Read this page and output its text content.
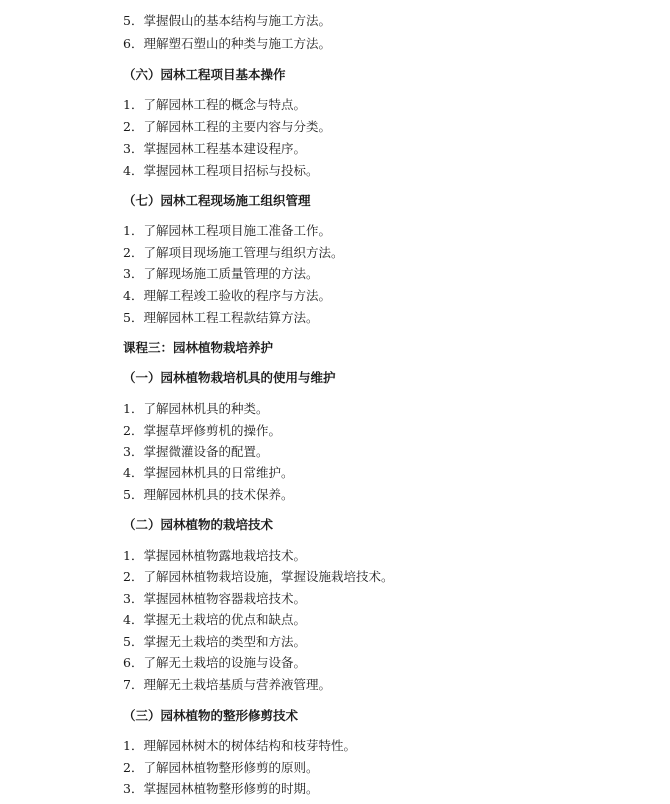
5．掌握假山的基本结构与施工方法。
6．理解塑石塑山的种类与施工方法。
（六）园林工程项目基本操作
1．了解园林工程的概念与特点。
2．了解园林工程的主要内容与分类。
3．掌握园林工程基本建设程序。
4．掌握园林工程项目招标与投标。
（七）园林工程现场施工组织管理
1．了解园林工程项目施工准备工作。
2．了解项目现场施工管理与组织方法。
3．了解现场施工质量管理的方法。
4．理解工程竣工验收的程序与方法。
5．理解园林工程工程款结算方法。
课程三：园林植物栽培养护
（一）园林植物栽培机具的使用与维护
1．了解园林机具的种类。
2．掌握草坪修剪机的操作。
3．掌握微灌设备的配置。
4．掌握园林机具的日常维护。
5．理解园林机具的技术保养。
（二）园林植物的栽培技术
1．掌握园林植物露地栽培技术。
2．了解园林植物栽培设施，掌握设施栽培技术。
3．掌握园林植物容器栽培技术。
4．掌握无土栽培的优点和缺点。
5．掌握无土栽培的类型和方法。
6．了解无土栽培的设施与设备。
7．理解无土栽培基质与营养液管理。
（三）园林植物的整形修剪技术
1．理解园林树木的树体结构和枝芽特性。
2．了解园林植物整形修剪的原则。
3．掌握园林植物整形修剪的时期。
